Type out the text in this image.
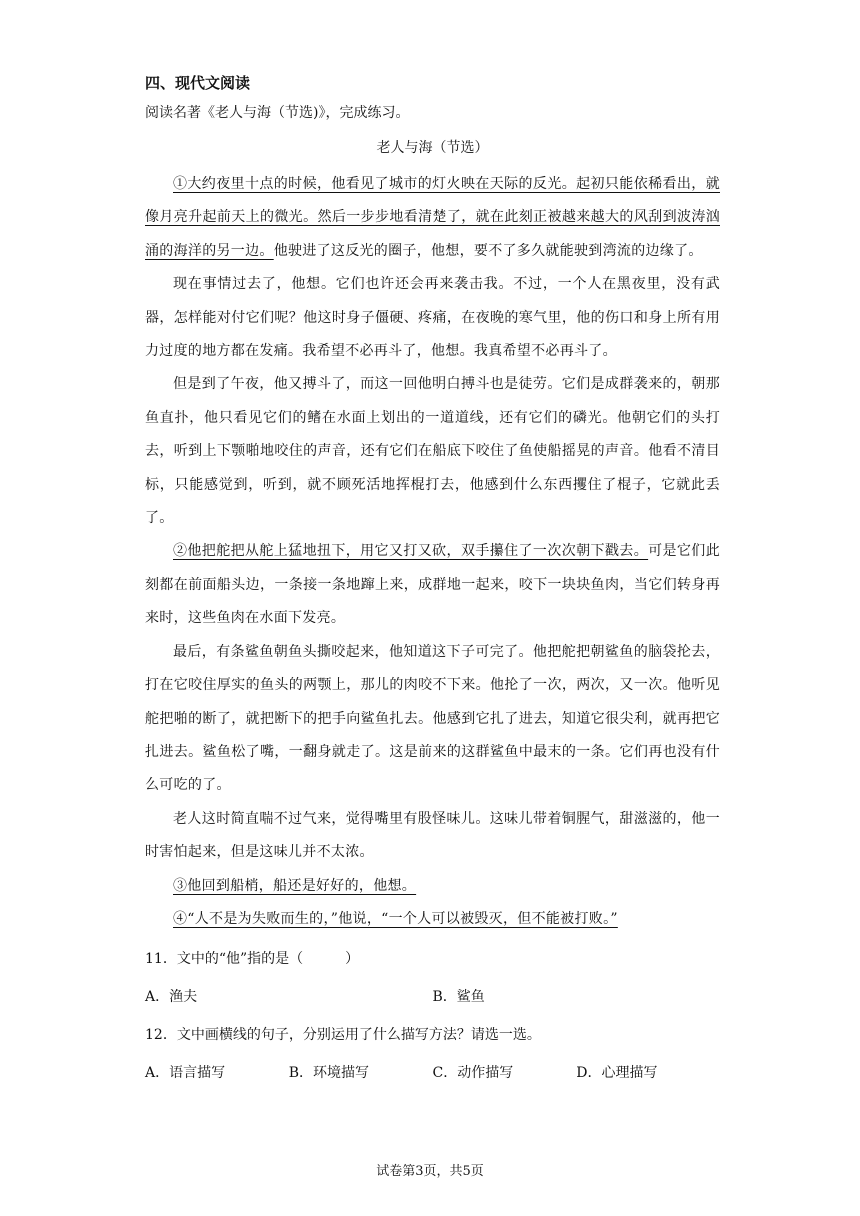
四、现代文阅读

阅读名著《老人与海（节选)》，完成练习。

老人与海（节选）

①大约夜里十点的时候，他看见了城市的灯火映在天际的反光。起初只能依稀看出，就像月亮升起前天上的微光。然后一步步地看清楚了，就在此刻正被越来越大的风刮到波涛汹涌的海洋的另一边。他驶进了这反光的圈子，他想，要不了多久就能驶到湾流的边缘了。

现在事情过去了，他想。它们也许还会再来袭击我。不过，一个人在黑夜里，没有武器，怎样能对付它们呢？他这时身子僵硬、疼痛，在夜晚的寒气里，他的伤口和身上所有用力过度的地方都在发痛。我希望不必再斗了，他想。我真希望不必再斗了。

但是到了午夜，他又搏斗了，而这一回他明白搏斗也是徒劳。它们是成群袭来的，朝那鱼直扑，他只看见它们的鳍在水面上划出的一道道线，还有它们的磷光。他朝它们的头打去，听到上下颚啪地咬住的声音，还有它们在船底下咬住了鱼使船摇晃的声音。他看不清目标，只能感觉到，听到，就不顾死活地挥棍打去，他感到什么东西攫住了棍子，它就此丢了。

②他把舵把从舵上猛地扭下，用它又打又砍，双手攥住了一次次朝下戳去。可是它们此刻都在前面船头边，一条接一条地蹿上来，成群地一起来，咬下一块块鱼肉，当它们转身再来时，这些鱼肉在水面下发亮。

最后，有条鲨鱼朝鱼头撕咬起来，他知道这下子可完了。他把舵把朝鲨鱼的脑袋抡去，打在它咬住厚实的鱼头的两颚上，那儿的肉咬不下来。他抡了一次，两次，又一次。他听见舵把啪的断了，就把断下的把手向鲨鱼扎去。他感到它扎了进去，知道它很尖利，就再把它扎进去。鲨鱼松了嘴，一翻身就走了。这是前来的这群鲨鱼中最末的一条。它们再也没有什么可吃的了。

老人这时简直喘不过气来，觉得嘴里有股怪味儿。这味儿带着铜腥气，甜滋滋的，他一时害怕起来，但是这味儿并不太浓。

③他回到船梢，船还是好好的，他想。

④“人不是为失败而生的，”他说，“一个人可以被毁灭，但不能被打败。”

11．文中的“他”指的是（　　　）

A．渔夫	B．鲨鱼

12．文中画横线的句子，分别运用了什么描写方法？请选一选。

A．语言描写	B．环境描写	C．动作描写	D．心理描写
试卷第3页，共5页
